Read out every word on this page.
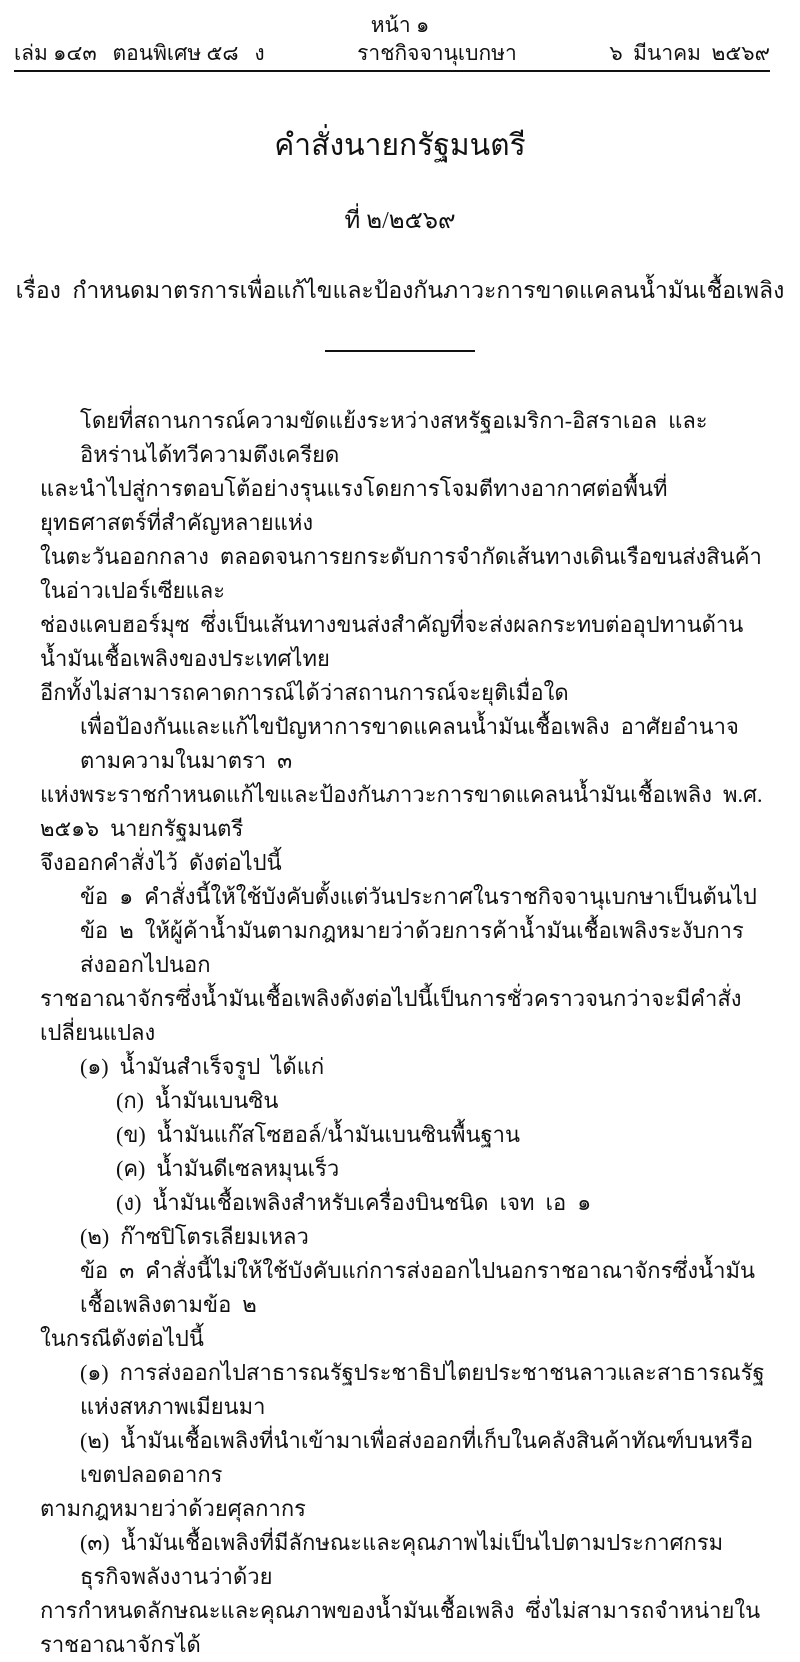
หน้า ๑
เล่ม ๑๔๓   ตอนพิเศษ ๕๘   ง	ราชกิจจานุเบกษา	๖  มีนาคม  ๒๕๖๙

คำสั่งนายกรัฐมนตรี

ที่ ๒/๒๕๖๙

เรื่อง  กำหนดมาตรการเพื่อแก้ไขและป้องกันภาวะการขาดแคลนน้ำมันเชื้อเพลิง

โดยที่สถานการณ์ความขัดแย้งระหว่างสหรัฐอเมริกา-อิสราเอล  และอิหร่านได้ทวีความตึงเครียด
และนำไปสู่การตอบโต้อย่างรุนแรงโดยการโจมตีทางอากาศต่อพื้นที่ยุทธศาสตร์ที่สำคัญหลายแห่ง
ในตะวันออกกลาง  ตลอดจนการยกระดับการจำกัดเส้นทางเดินเรือขนส่งสินค้าในอ่าวเปอร์เซียและ
ช่องแคบฮอร์มุซ  ซึ่งเป็นเส้นทางขนส่งสำคัญที่จะส่งผลกระทบต่ออุปทานด้านน้ำมันเชื้อเพลิงของประเทศไทย
อีกทั้งไม่สามารถคาดการณ์ได้ว่าสถานการณ์จะยุติเมื่อใด
เพื่อป้องกันและแก้ไขปัญหาการขาดแคลนน้ำมันเชื้อเพลิง  อาศัยอำนาจตามความในมาตรา  ๓
แห่งพระราชกำหนดแก้ไขและป้องกันภาวะการขาดแคลนน้ำมันเชื้อเพลิง  พ.ศ.  ๒๕๑๖  นายกรัฐมนตรี
จึงออกคำสั่งไว้  ดังต่อไปนี้
ข้อ  ๑  คำสั่งนี้ให้ใช้บังคับตั้งแต่วันประกาศในราชกิจจานุเบกษาเป็นต้นไป
ข้อ  ๒  ให้ผู้ค้าน้ำมันตามกฎหมายว่าด้วยการค้าน้ำมันเชื้อเพลิงระงับการส่งออกไปนอก
ราชอาณาจักรซึ่งน้ำมันเชื้อเพลิงดังต่อไปนี้เป็นการชั่วคราวจนกว่าจะมีคำสั่งเปลี่ยนแปลง
(๑)  น้ำมันสำเร็จรูป  ได้แก่
(ก)  น้ำมันเบนซิน
(ข)  น้ำมันแก๊สโซฮอล์/น้ำมันเบนซินพื้นฐาน
(ค)  น้ำมันดีเซลหมุนเร็ว
(ง)  น้ำมันเชื้อเพลิงสำหรับเครื่องบินชนิด  เจท  เอ  ๑
(๒)  ก๊าซปิโตรเลียมเหลว
ข้อ  ๓  คำสั่งนี้ไม่ให้ใช้บังคับแก่การส่งออกไปนอกราชอาณาจักรซึ่งน้ำมันเชื้อเพลิงตามข้อ  ๒
ในกรณีดังต่อไปนี้
(๑)  การส่งออกไปสาธารณรัฐประชาธิปไตยประชาชนลาวและสาธารณรัฐแห่งสหภาพเมียนมา
(๒)  น้ำมันเชื้อเพลิงที่นำเข้ามาเพื่อส่งออกที่เก็บในคลังสินค้าทัณฑ์บนหรือเขตปลอดอากร
ตามกฎหมายว่าด้วยศุลกากร
(๓)  น้ำมันเชื้อเพลิงที่มีลักษณะและคุณภาพไม่เป็นไปตามประกาศกรมธุรกิจพลังงานว่าด้วย
การกำหนดลักษณะและคุณภาพของน้ำมันเชื้อเพลิง  ซึ่งไม่สามารถจำหน่ายในราชอาณาจักรได้
